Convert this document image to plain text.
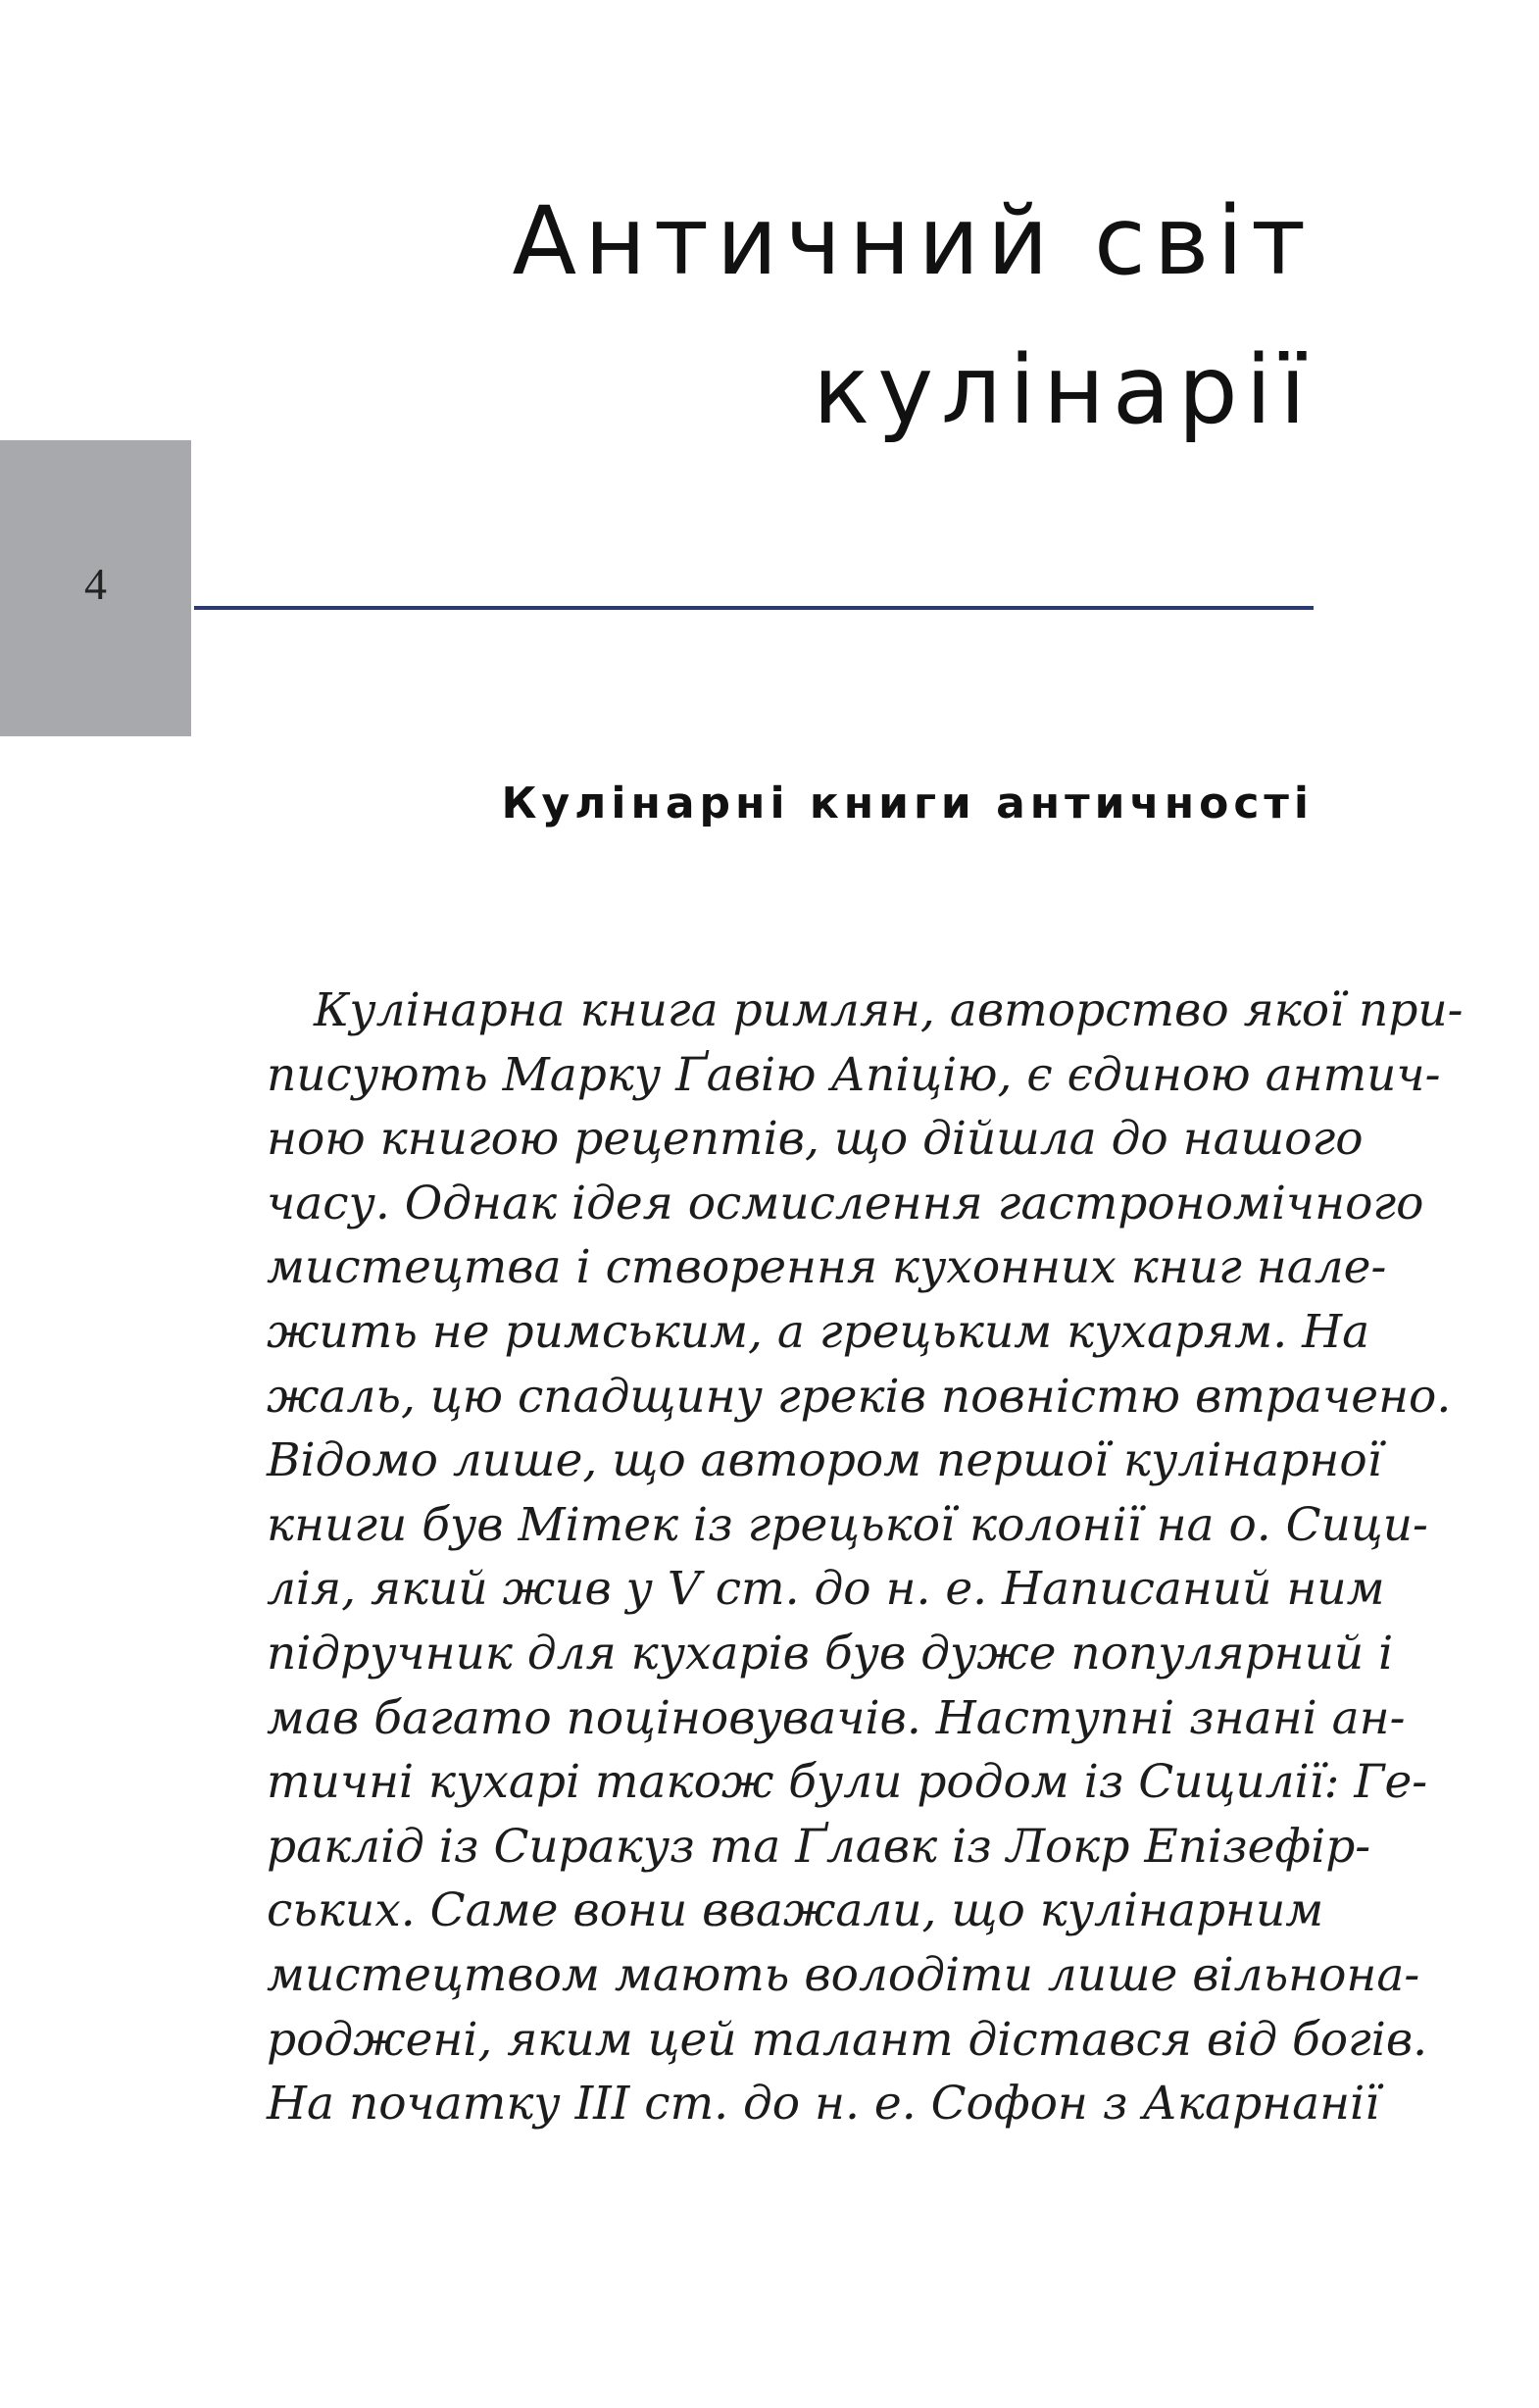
Античний світ
кулінарії
4
Кулінарні книги античності
Кулінарна книга римлян, авторство якої при-
писують Марку Ґавію Апіцію, є єдиною антич-
ною книгою рецептів, що дійшла до нашого
часу. Однак ідея осмислення гастрономічного
мистецтва і створення кухонних книг нале-
жить не римським, а грецьким кухарям. На
жаль, цю спадщину греків повністю втрачено.
Відомо лише, що автором першої кулінарної
книги був Мітек із грецької колонії на о. Сици-
лія, який жив у V ст. до н. е. Написаний ним
підручник для кухарів був дуже популярний і
мав багато поціновувачів. Наступні знані ан-
тичні кухарі також були родом із Сицилії: Ге-
раклід із Сиракуз та Ґлавк із Локр Епізефір-
ських. Саме вони вважали, що кулінарним
мистецтвом мають володіти лише вільнона-
роджені, яким цей талант дістався від богів.
На початку III ст. до н. е. Софон з Акарнанії
